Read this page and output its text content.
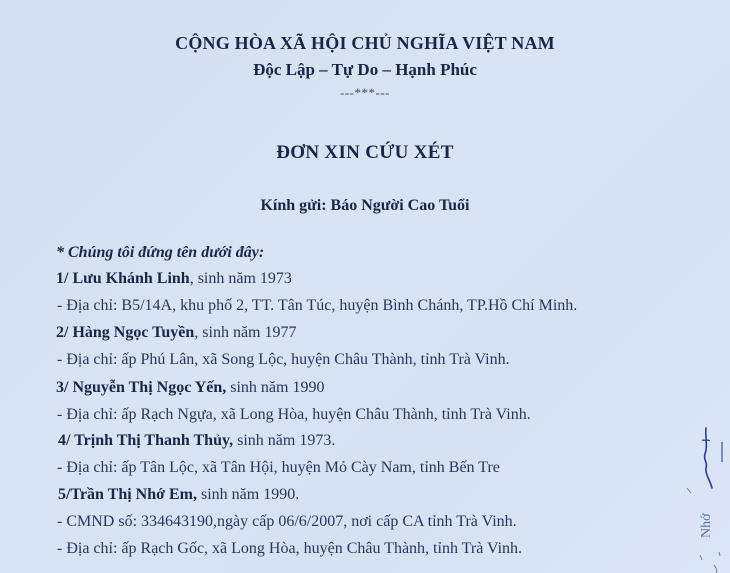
CỘNG HÒA XÃ HỘI CHỦ NGHĨA VIỆT NAM
Độc Lập – Tự Do – Hạnh Phúc
---***---
ĐƠN XIN CỨU XÉT
Kính gửi: Báo Người Cao Tuổi
* Chúng tôi đứng tên dưới đây:
1/ Lưu Khánh Linh, sinh năm 1973
- Địa chỉ: B5/14A, khu phố 2, TT. Tân Túc, huyện Bình Chánh, TP.Hồ Chí Minh.
2/ Hàng Ngọc Tuyền, sinh năm 1977
- Địa chỉ: ấp Phú Lân, xã Song Lộc, huyện Châu Thành, tỉnh Trà Vinh.
3/ Nguyễn Thị Ngọc Yến, sinh năm 1990
- Địa chỉ: ấp Rạch Ngựa, xã Long Hòa, huyện Châu Thành, tỉnh Trà Vinh.
4/ Trịnh Thị Thanh Thủy, sinh năm 1973.
- Địa chỉ: ấp Tân Lộc, xã Tân Hội, huyện Mỏ Cày Nam, tỉnh Bến Tre
5/Trần Thị Nhớ Em, sinh năm 1990.
- CMND số: 334643190,ngày cấp 06/6/2007, nơi cấp CA tỉnh Trà Vinh.
- Địa chỉ: ấp Rạch Gốc, xã Long Hòa, huyện Châu Thành, tỉnh Trà Vinh.
Nhớ
